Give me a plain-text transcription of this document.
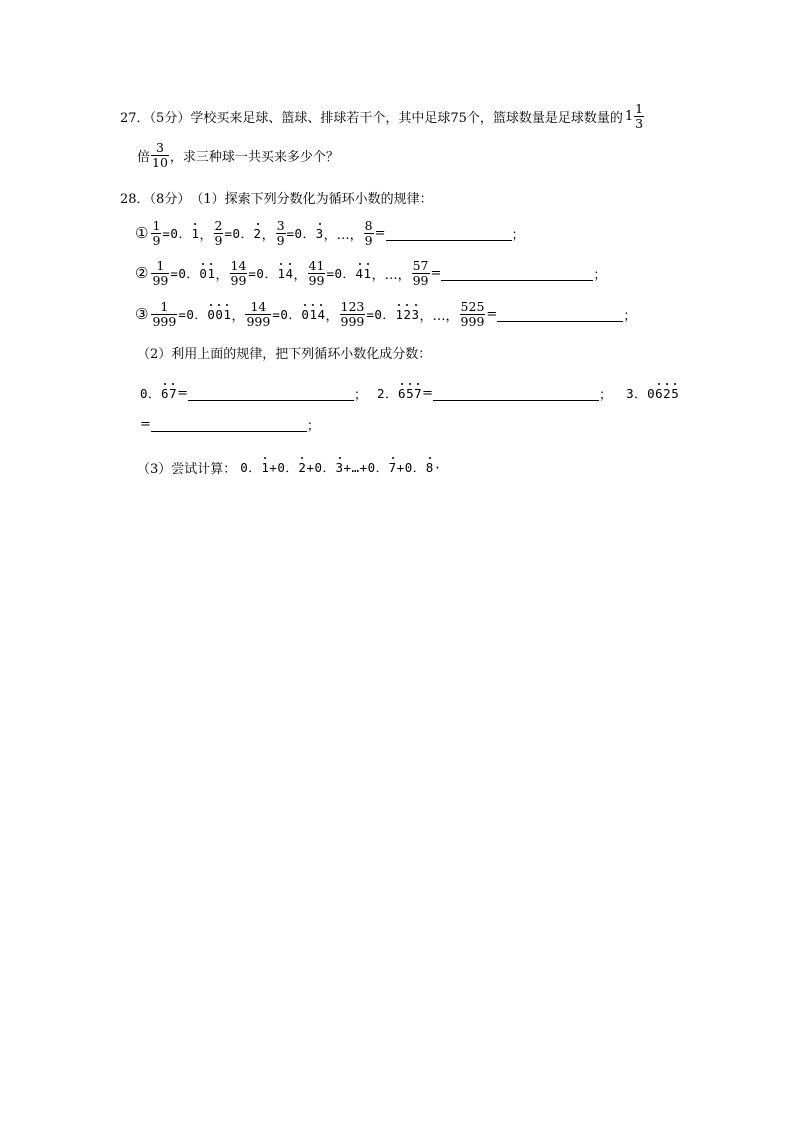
27．（5分） 学校买来足球、篮球、排球若干个，其中足球75个，篮球数量是足球数量的 $1 \frac{1}{3}$
倍 $\frac{3}{10}$ ，求三种球一共买来多少个？
28．（8分） （1）探索下列分数化为循环小数的规律：
① $\frac{1}{9} =0$．1 ， $\frac{2}{9} =0$．2 ， $\frac{3}{9} =0$．3 ，…， $\frac{8}{9}$ =	；
② $\frac{1}{99} =0$．01 ， $\frac{14}{99} =0$．14 ， $\frac{41}{99} =0$．41 ，…， $\frac{57}{99}$ =	；
③ $\frac{1}{999} =0$．001 ， $\frac{14}{999} =0$．014 ， $\frac{123}{999} =0$．123 ，…， $\frac{525}{999}$ =	；
（2）利用上面的规律，把下列循环小数化成分数：
0．67 =	； 2．657 =	； 3．0625
=	；
（3）尝试计算： 0．1+0．2+0．3+…+0．7+0．8·
